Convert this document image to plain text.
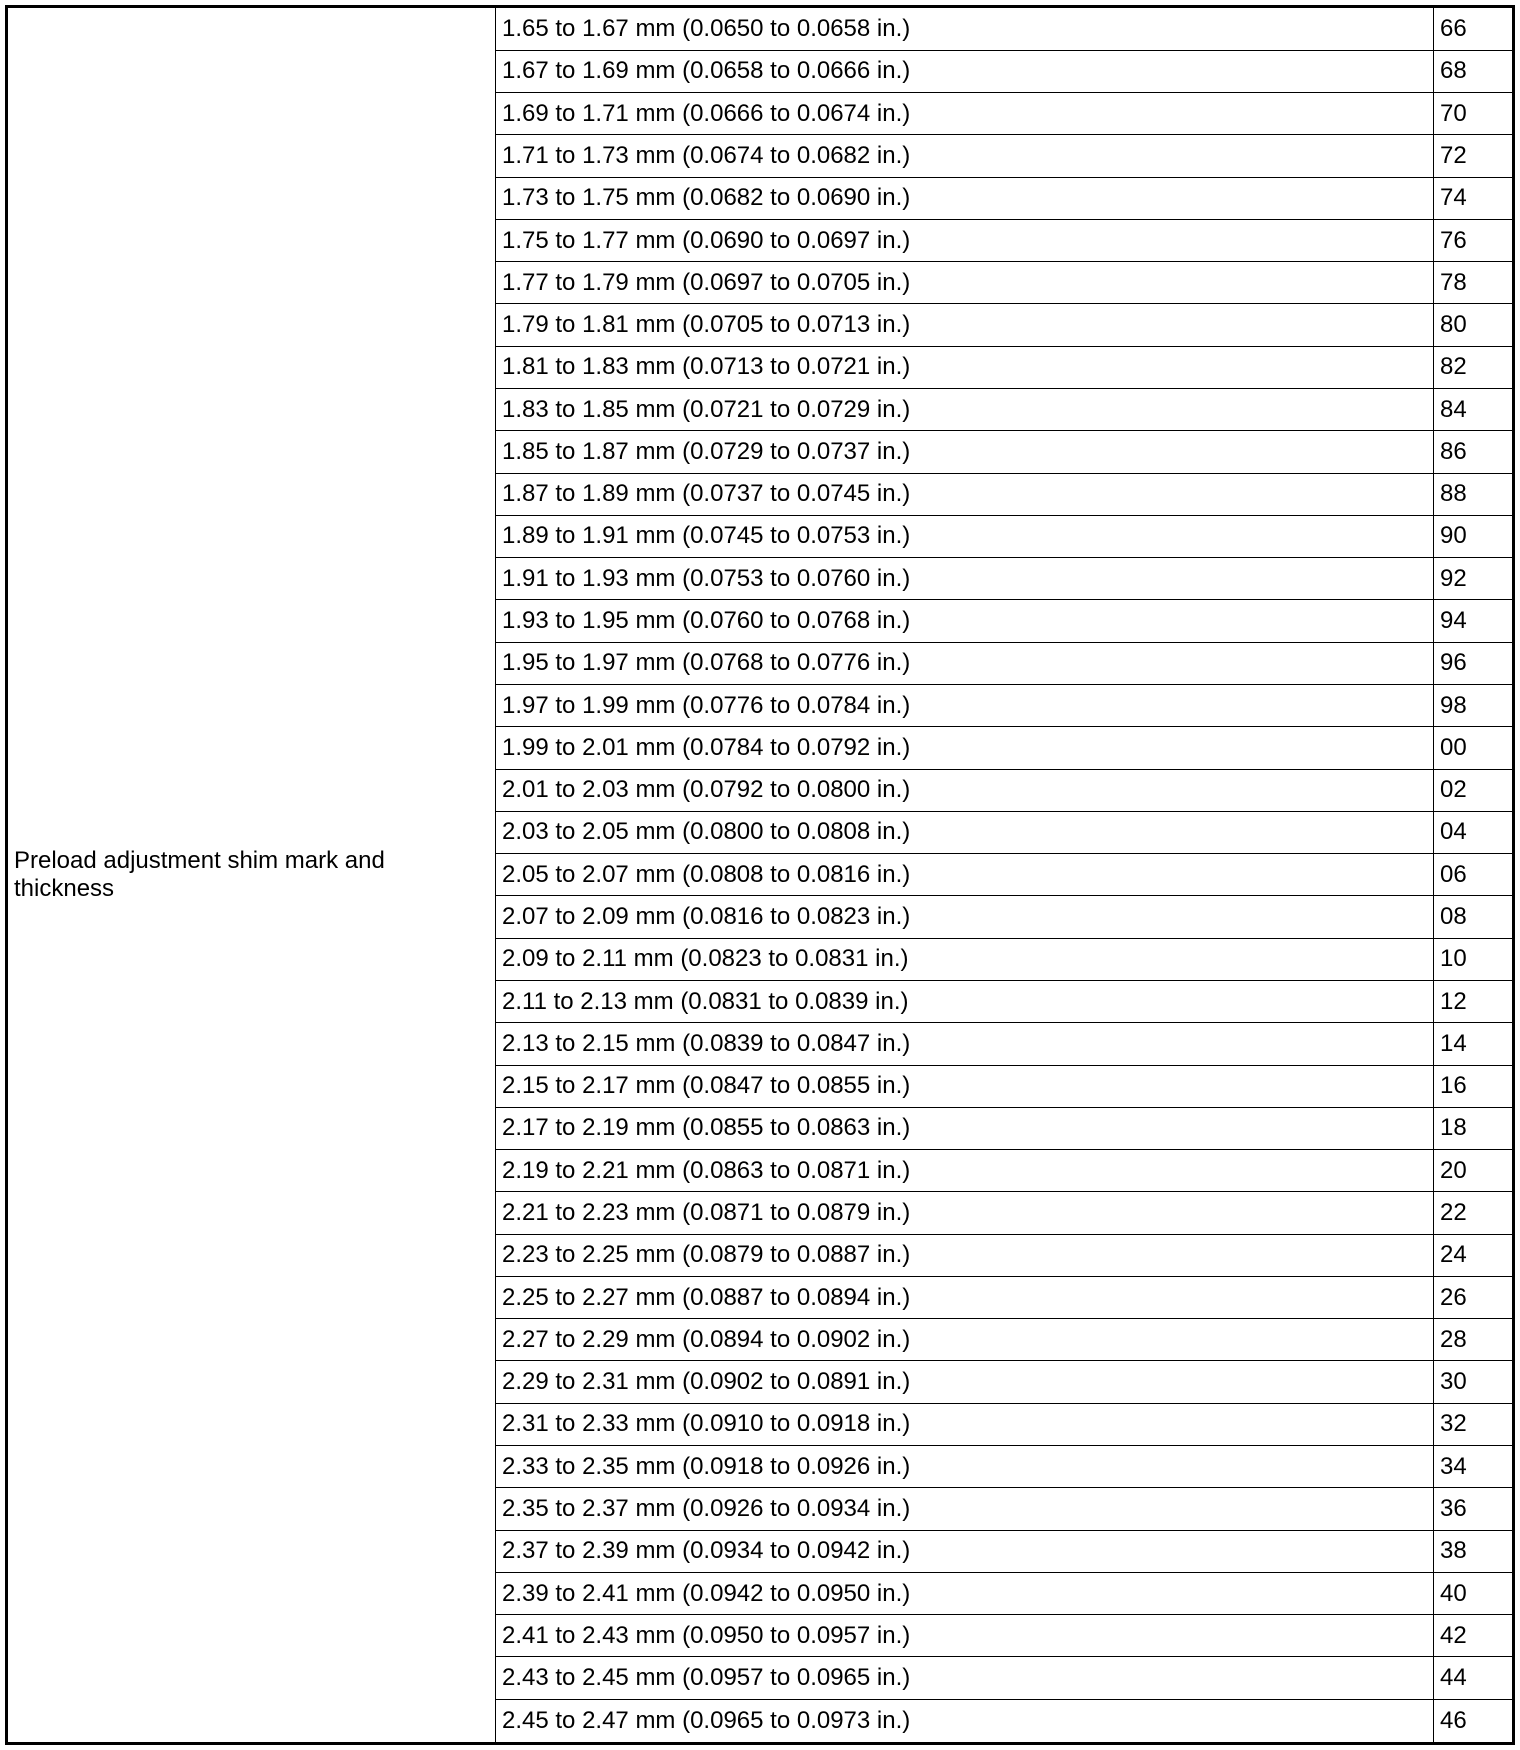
Preload adjustment shim mark and thickness	1.65 to 1.67 mm (0.0650 to 0.0658 in.)	66
	1.67 to 1.69 mm (0.0658 to 0.0666 in.)	68
	1.69 to 1.71 mm (0.0666 to 0.0674 in.)	70
	1.71 to 1.73 mm (0.0674 to 0.0682 in.)	72
	1.73 to 1.75 mm (0.0682 to 0.0690 in.)	74
	1.75 to 1.77 mm (0.0690 to 0.0697 in.)	76
	1.77 to 1.79 mm (0.0697 to 0.0705 in.)	78
	1.79 to 1.81 mm (0.0705 to 0.0713 in.)	80
	1.81 to 1.83 mm (0.0713 to 0.0721 in.)	82
	1.83 to 1.85 mm (0.0721 to 0.0729 in.)	84
	1.85 to 1.87 mm (0.0729 to 0.0737 in.)	86
	1.87 to 1.89 mm (0.0737 to 0.0745 in.)	88
	1.89 to 1.91 mm (0.0745 to 0.0753 in.)	90
	1.91 to 1.93 mm (0.0753 to 0.0760 in.)	92
	1.93 to 1.95 mm (0.0760 to 0.0768 in.)	94
	1.95 to 1.97 mm (0.0768 to 0.0776 in.)	96
	1.97 to 1.99 mm (0.0776 to 0.0784 in.)	98
	1.99 to 2.01 mm (0.0784 to 0.0792 in.)	00
	2.01 to 2.03 mm (0.0792 to 0.0800 in.)	02
	2.03 to 2.05 mm (0.0800 to 0.0808 in.)	04
	2.05 to 2.07 mm (0.0808 to 0.0816 in.)	06
	2.07 to 2.09 mm (0.0816 to 0.0823 in.)	08
	2.09 to 2.11 mm (0.0823 to 0.0831 in.)	10
	2.11 to 2.13 mm (0.0831 to 0.0839 in.)	12
	2.13 to 2.15 mm (0.0839 to 0.0847 in.)	14
	2.15 to 2.17 mm (0.0847 to 0.0855 in.)	16
	2.17 to 2.19 mm (0.0855 to 0.0863 in.)	18
	2.19 to 2.21 mm (0.0863 to 0.0871 in.)	20
	2.21 to 2.23 mm (0.0871 to 0.0879 in.)	22
	2.23 to 2.25 mm (0.0879 to 0.0887 in.)	24
	2.25 to 2.27 mm (0.0887 to 0.0894 in.)	26
	2.27 to 2.29 mm (0.0894 to 0.0902 in.)	28
	2.29 to 2.31 mm (0.0902 to 0.0891 in.)	30
	2.31 to 2.33 mm (0.0910 to 0.0918 in.)	32
	2.33 to 2.35 mm (0.0918 to 0.0926 in.)	34
	2.35 to 2.37 mm (0.0926 to 0.0934 in.)	36
	2.37 to 2.39 mm (0.0934 to 0.0942 in.)	38
	2.39 to 2.41 mm (0.0942 to 0.0950 in.)	40
	2.41 to 2.43 mm (0.0950 to 0.0957 in.)	42
	2.43 to 2.45 mm (0.0957 to 0.0965 in.)	44
	2.45 to 2.47 mm (0.0965 to 0.0973 in.)	46
